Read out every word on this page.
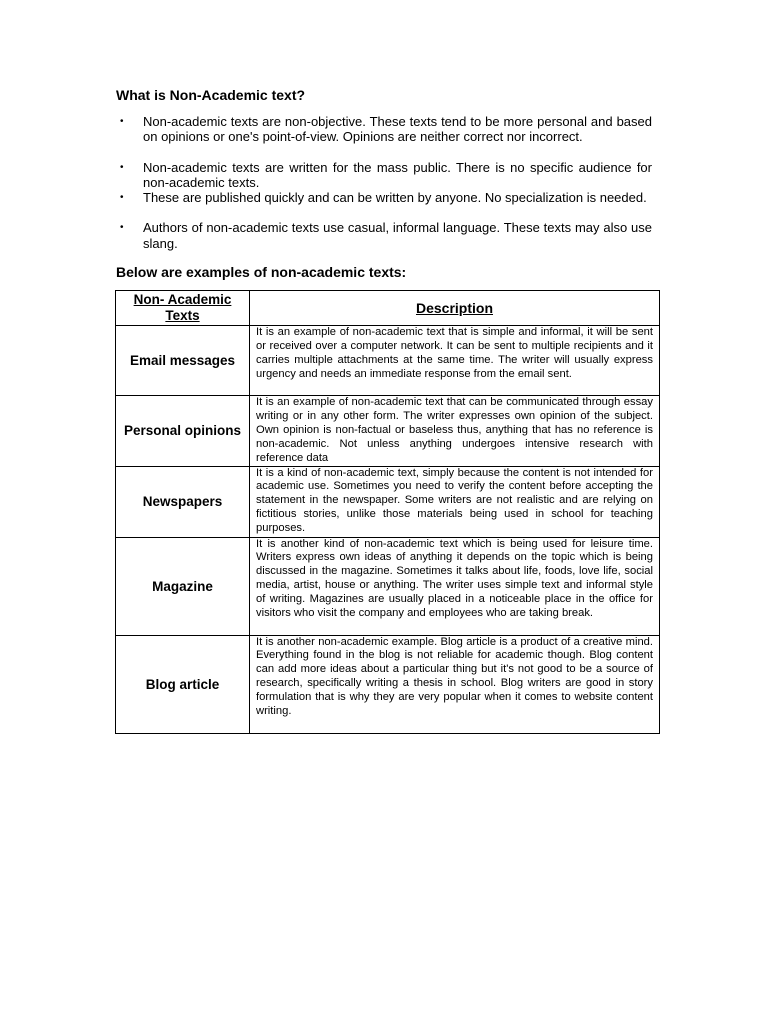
What is Non-Academic text?
• Non-academic texts are non-objective. These texts tend to be more personal and based on opinions or one's point-of-view. Opinions are neither correct nor incorrect.
• Non-academic texts are written for the mass public. There is no specific audience for non-academic texts.
• These are published quickly and can be written by anyone. No specialization is needed.
• Authors of non-academic texts use casual, informal language. These texts may also use slang.
Below are examples of non-academic texts:
Non- Academic Texts	Description
Email messages	It is an example of non-academic text that is simple and informal, it will be sent or received over a computer network. It can be sent to multiple recipients and it carries multiple attachments at the same time. The writer will usually express urgency and needs an immediate response from the email sent.
Personal opinions	It is an example of non-academic text that can be communicated through essay writing or in any other form. The writer expresses own opinion of the subject. Own opinion is non-factual or baseless thus, anything that has no reference is non-academic. Not unless anything undergoes intensive research with reference data
Newspapers	It is a kind of non-academic text, simply because the content is not intended for academic use. Sometimes you need to verify the content before accepting the statement in the newspaper. Some writers are not realistic and are relying on fictitious stories, unlike those materials being used in school for teaching purposes.
Magazine	It is another kind of non-academic text which is being used for leisure time. Writers express own ideas of anything it depends on the topic which is being discussed in the magazine. Sometimes it talks about life, foods, love life, social media, artist, house or anything. The writer uses simple text and informal style of writing. Magazines are usually placed in a noticeable place in the office for visitors who visit the company and employees who are taking break.
Blog article	It is another non-academic example. Blog article is a product of a creative mind. Everything found in the blog is not reliable for academic though. Blog content can add more ideas about a particular thing but it's not good to be a source of research, specifically writing a thesis in school. Blog writers are good in story formulation that is why they are very popular when it comes to website content writing.
